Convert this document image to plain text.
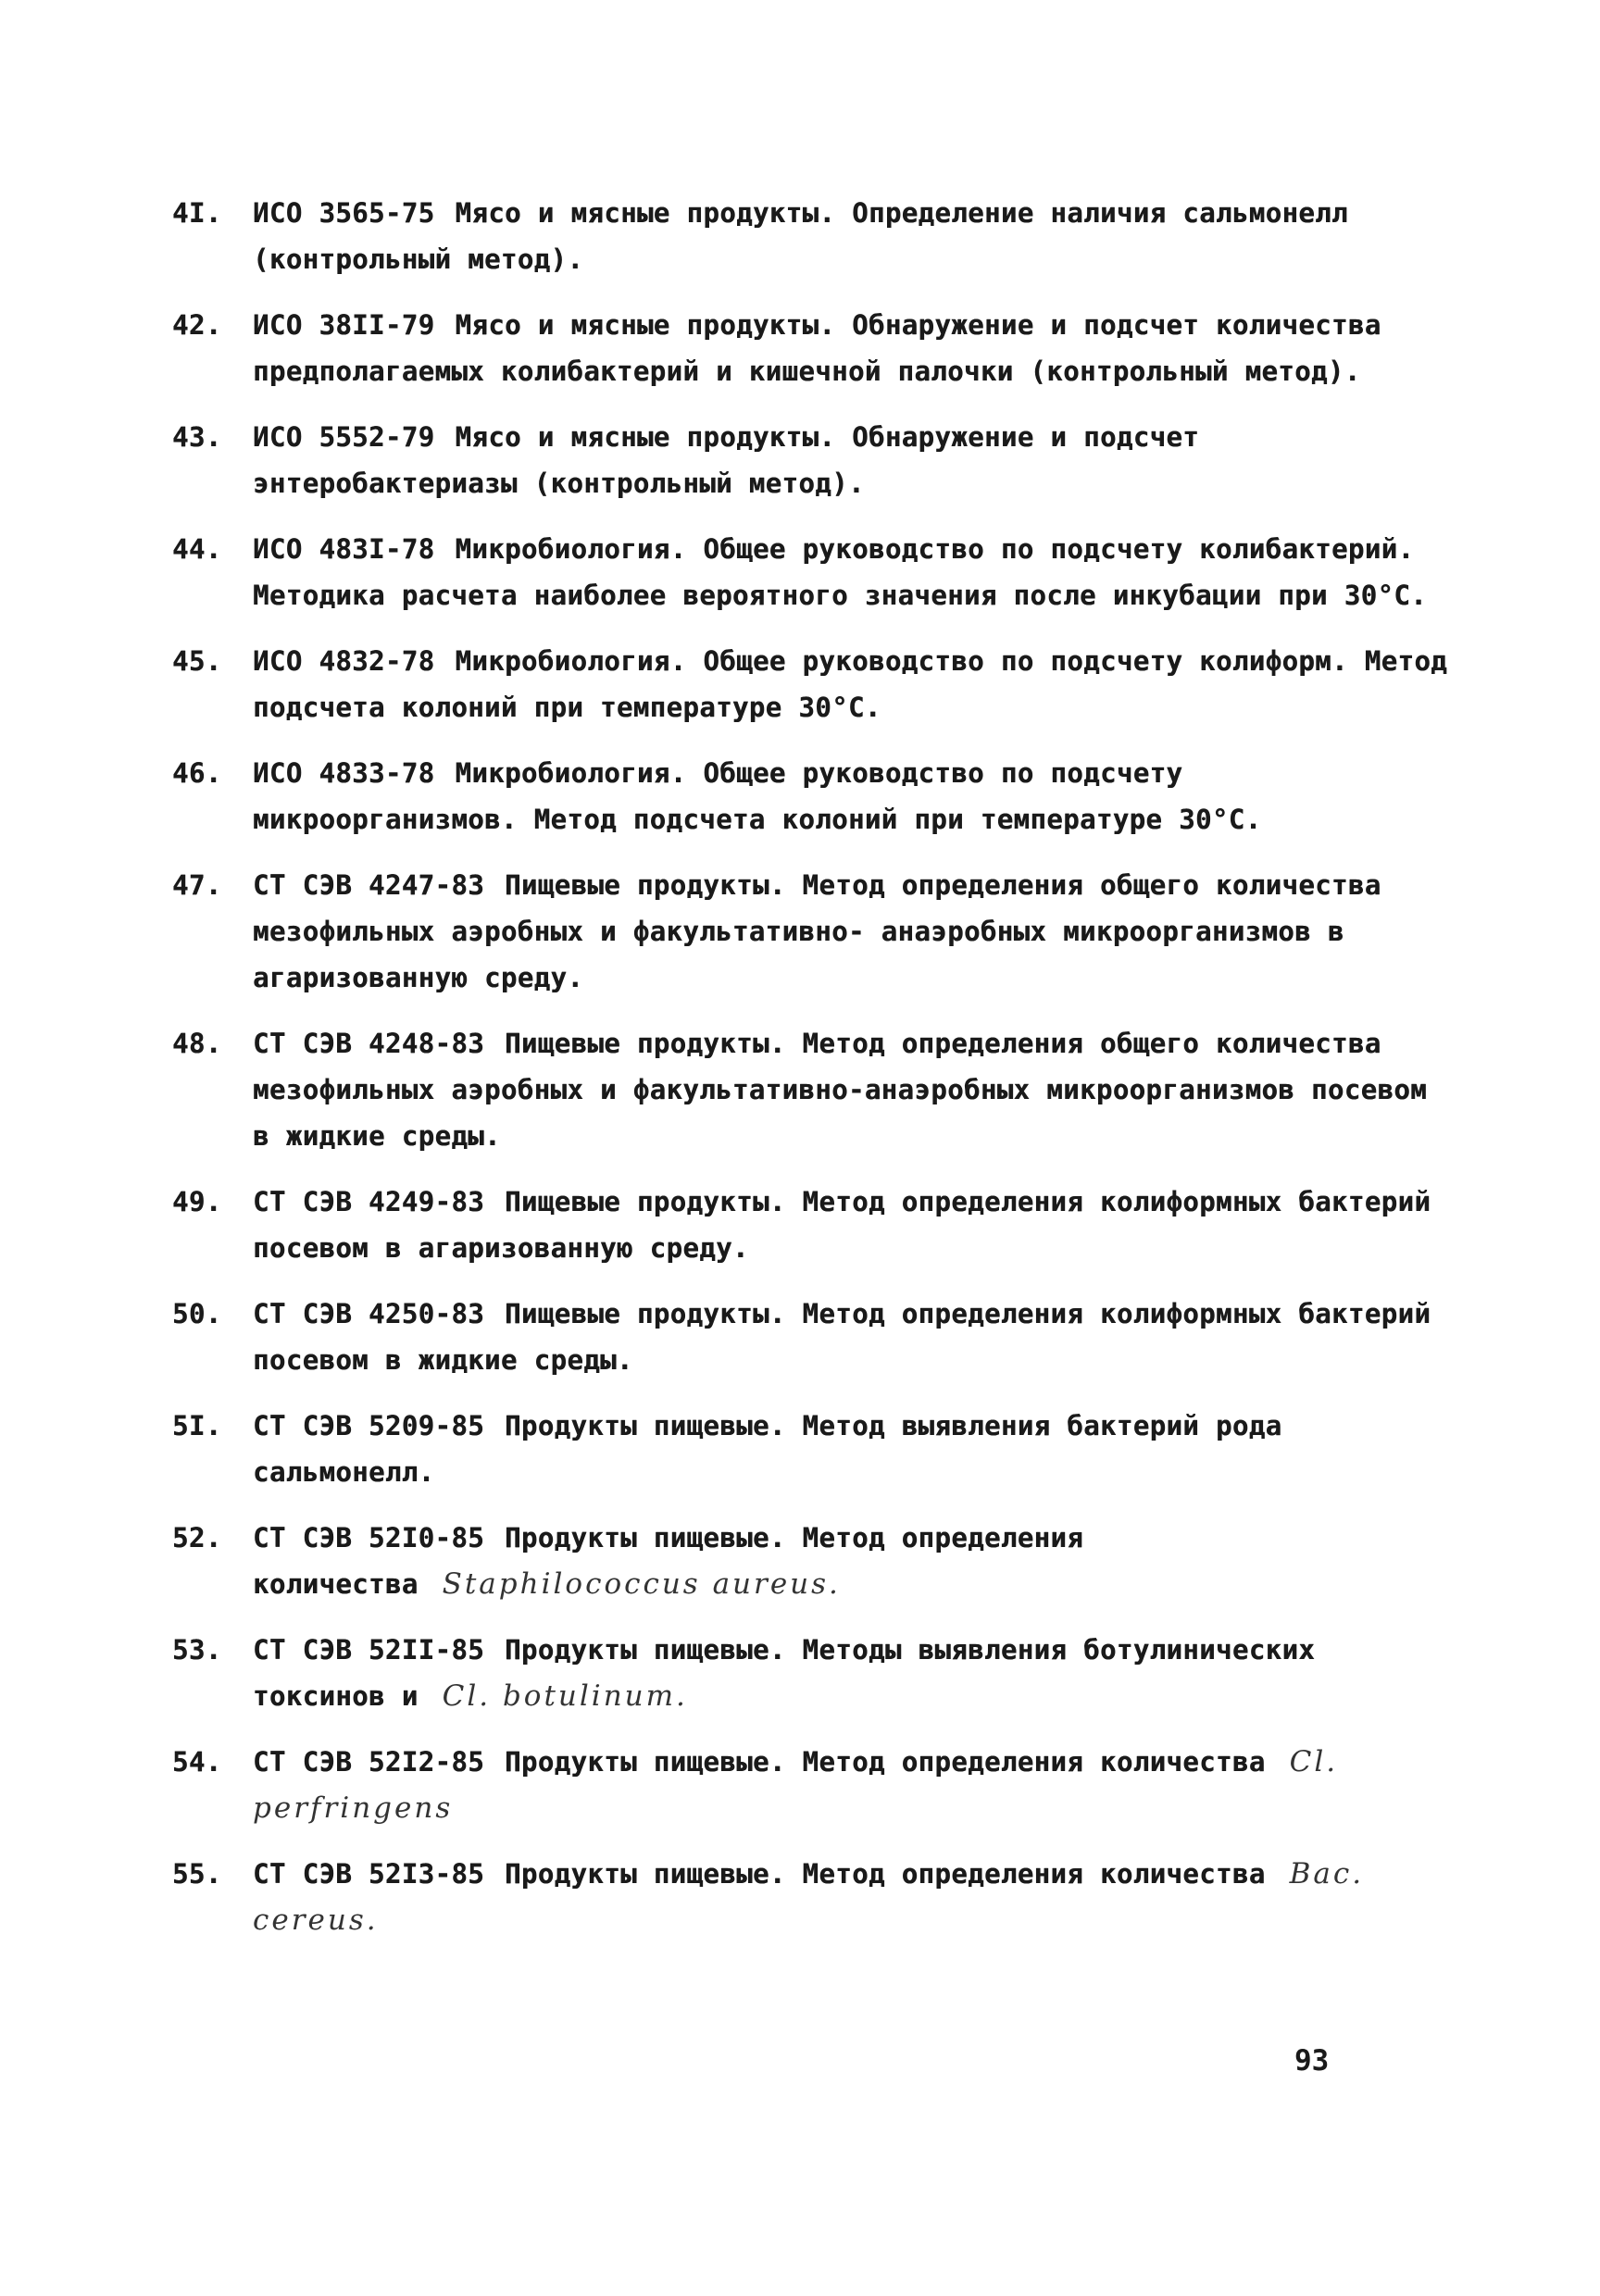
4I.	ИСО 3565-75 Мясо и мясные продукты. Определение наличия сальмонелл (контрольный метод).
42.	ИСО 38II-79 Мясо и мясные продукты. Обнаружение и подсчет количества предполагаемых колибактерий и кишечной палочки (контрольный метод).
43.	ИСО 5552-79 Мясо и мясные продукты. Обнаружение и подсчет энтеробактериазы (контрольный метод).
44.	ИСО 483I-78 Микробиология. Общее руководство по подсчету колибактерий. Методика расчета наиболее вероятного значения после инкубации при 30°С.
45.	ИСО 4832-78 Микробиология. Общее руководство по подсчету колиформ. Метод подсчета колоний при температуре 30°С.
46.	ИСО 4833-78 Микробиология. Общее руководство по подсчету микроорганизмов. Метод подсчета колоний при температуре 30°С.
47.	СТ СЭВ 4247-83 Пищевые продукты. Метод определения общего количества мезофильных аэробных и факультативно- анаэробных микроорганизмов в агаризованную среду.
48.	СТ СЭВ 4248-83 Пищевые продукты. Метод определения общего количества мезофильных аэробных и факультативно-анаэробных микроорганизмов посевом в жидкие среды.
49.	СТ СЭВ 4249-83 Пищевые продукты. Метод определения колиформных бактерий посевом в агаризованную среду.
50.	СТ СЭВ 4250-83 Пищевые продукты. Метод определения колиформных бактерий посевом в жидкие среды.
5I.	СТ СЭВ 5209-85 Продукты пищевые. Метод выявления бактерий рода сальмонелл.
52.	СТ СЭВ 52I0-85 Продукты пищевые. Метод определения количества Staphilococcus aureus.
53.	СТ СЭВ 52II-85 Продукты пищевые. Методы выявления ботулинических токсинов и Cl. botulinum.
54.	СТ СЭВ 52I2-85 Продукты пищевые. Метод определения количества Cl. perfringens
55.	СТ СЭВ 52I3-85 Продукты пищевые. Метод определения количества Bac. cereus.
93
